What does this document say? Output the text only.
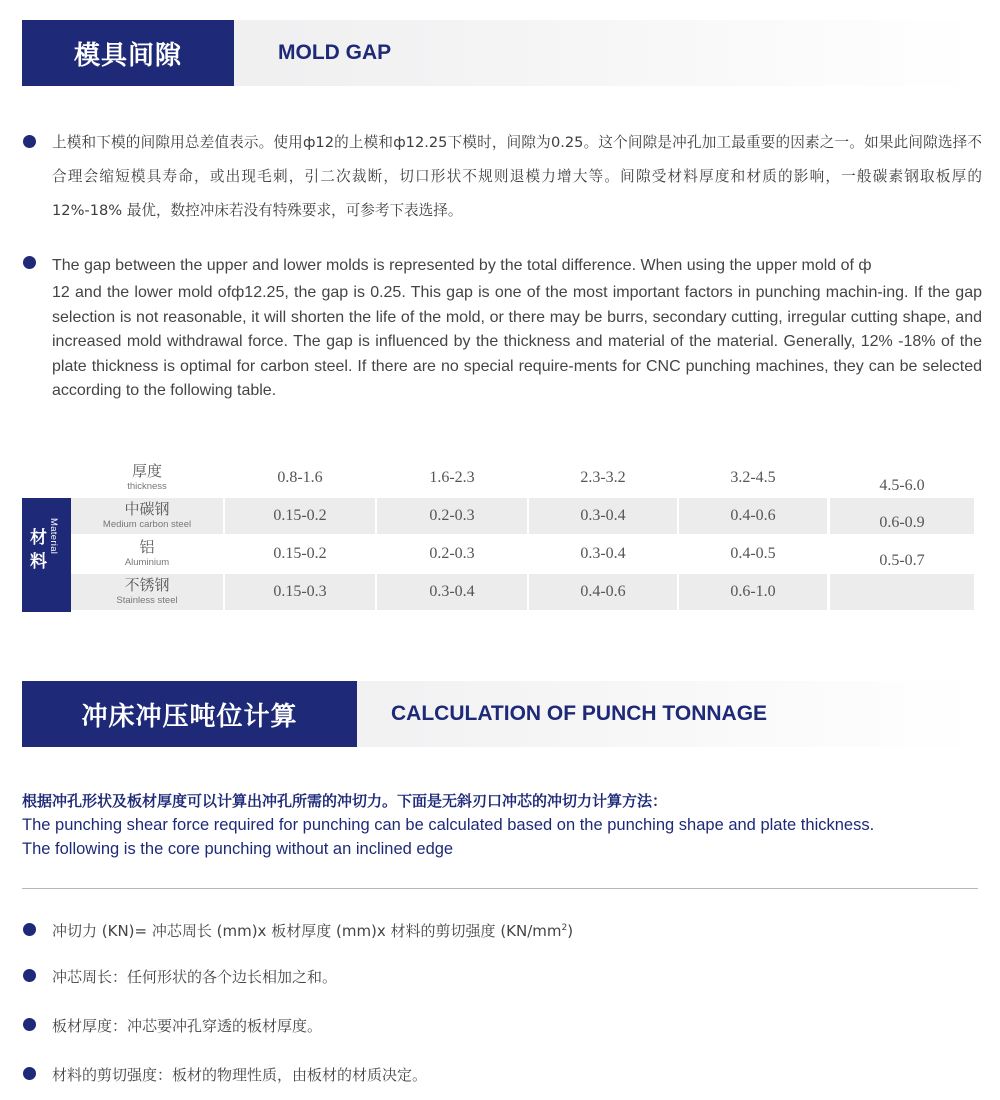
模具间隙	MOLD GAP
上模和下模的间隙用总差值表示。使用ф12的上模和ф12.25下模时，间隙为0.25。这个间隙是冲孔加工最重要的因素之一。如果此间隙选择不合理会缩短模具寿命，或出现毛刺，引二次裁断，切口形状不规则退模力增大等。间隙受材料厚度和材质的影响，一般碳素钢取板厚的 12%-18% 最优，数控冲床若没有特殊要求，可参考下表选择。
The gap between the upper and lower molds is represented by the total difference. When using the upper mold of ф
12 and the lower mold ofф12.25, the gap is 0.25. This gap is one of the most important factors in punching machin-ing. If the gap selection is not reasonable, it will shorten the life of the mold, or there may be burrs, secondary cutting, irregular cutting shape, and increased mold withdrawal force. The gap is influenced by the thickness and material of the material. Generally, 12% -18% of the plate thickness is optimal for carbon steel. If there are no special require-ments for CNC punching machines, they can be selected according to the following table.
材料
Material
厚度
thickness
0.8-1.6	1.6-2.3	2.3-3.2	3.2-4.5	4.5-6.0
中碳钢
Medium carbon steel
0.15-0.2	0.2-0.3	0.3-0.4	0.4-0.6	0.6-0.9
铝
Aluminium
0.15-0.2	0.2-0.3	0.3-0.4	0.4-0.5	0.5-0.7
不锈钢
Stainless steel
0.15-0.3	0.3-0.4	0.4-0.6	0.6-1.0
冲床冲压吨位计算	CALCULATION OF PUNCH TONNAGE
根据冲孔形状及板材厚度可以计算出冲孔所需的冲切力。下面是无斜刃口冲芯的冲切力计算方法：
The punching shear force required for punching can be calculated based on the punching shape and plate thickness.
The following is the core punching without an inclined edge
冲切力 (KN)= 冲芯周长 (mm)x 板材厚度 (mm)x 材料的剪切强度 $(KN/mm^2)$
冲芯周长：任何形状的各个边长相加之和。
板材厚度：冲芯要冲孔穿透的板材厚度。
材料的剪切强度：板材的物理性质，由板材的材质决定。
